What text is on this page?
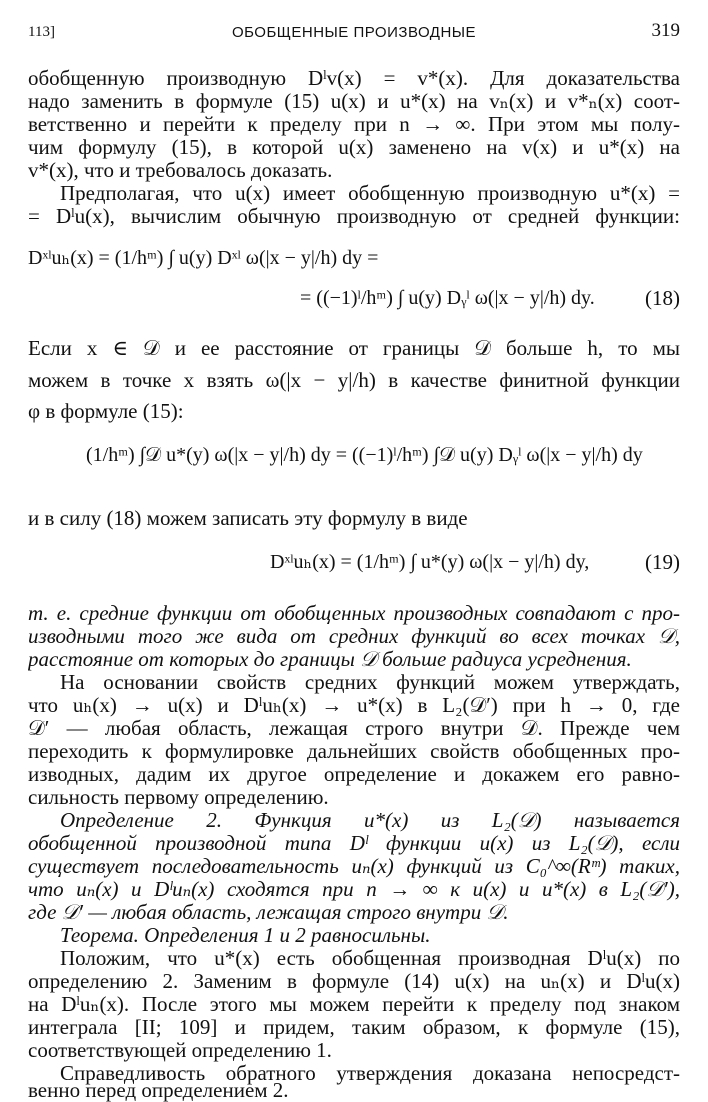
113]	ОБОБЩЕННЫЕ ПРОИЗВОДНЫЕ	319
обобщенную производную Dˡv(x) = v*(x). Для доказательства
надо заменить в формуле (15) u(x) и u*(x) на vₙ(x) и v*ₙ(x) соот-
ветственно и перейти к пределу при n → ∞. При этом мы полу-
чим формулу (15), в которой u(x) заменено на v(x) и u*(x) на
v*(x), что и требовалось доказать.
Предполагая, что u(x) имеет обобщенную производную u*(x) =
= Dˡu(x), вычислим обычную производную от средней функции:
Dˣˡuₕ(x) = (1/hᵐ) ∫ u(y) Dˣˡ ω(|x − y|/h) dy =
= ((−1)ˡ/hᵐ) ∫ u(y) Dᵧˡ ω(|x − y|/h) dy. (18)
Если x ∈ 𝒟 и ее расстояние от границы 𝒟 больше h, то мы
можем в точке x взять ω(|x − y|/h) в качестве финитной функции
φ в формуле (15):
(1/hᵐ) ∫𝒟 u*(y) ω(|x − y|/h) dy = ((−1)ˡ/hᵐ) ∫𝒟 u(y) Dᵧˡ ω(|x − y|/h) dy
и в силу (18) можем записать эту формулу в виде
Dˣˡuₕ(x) = (1/hᵐ) ∫ u*(y) ω(|x − y|/h) dy,	(19)
т. е. средние функции от обобщенных производных совпадают с про-
изводными того же вида от средних функций во всех точках 𝒟,
расстояние от которых до границы 𝒟 больше радиуса усреднения.
На основании свойств средних функций можем утверждать,
что uₕ(x) → u(x) и Dˡuₕ(x) → u*(x) в L₂(𝒟′) при h → 0, где
𝒟′ — любая область, лежащая строго внутри 𝒟. Прежде чем
переходить к формулировке дальнейших свойств обобщенных про-
изводных, дадим их другое определение и докажем его равно-
сильность первому определению.
Определение 2. Функция u*(x) из L₂(𝒟) называется
обобщенной производной типа Dˡ функции u(x) из L₂(𝒟), если
существует последовательность uₙ(x) функций из C₀^∞(Rᵐ) таких,
что uₙ(x) и Dˡuₙ(x) сходятся при n → ∞ к u(x) и u*(x) в L₂(𝒟′),
где 𝒟′ — любая область, лежащая строго внутри 𝒟.
Теорема. Определения 1 и 2 равносильны.
Положим, что u*(x) есть обобщенная производная Dˡu(x) по
определению 2. Заменим в формуле (14) u(x) на uₙ(x) и Dˡu(x)
на Dˡuₙ(x). После этого мы можем перейти к пределу под знаком
интеграла [II; 109] и придем, таким образом, к формуле (15),
соответствующей определению 1.
Справедливость обратного утверждения доказана непосредст-
венно перед определением 2.
